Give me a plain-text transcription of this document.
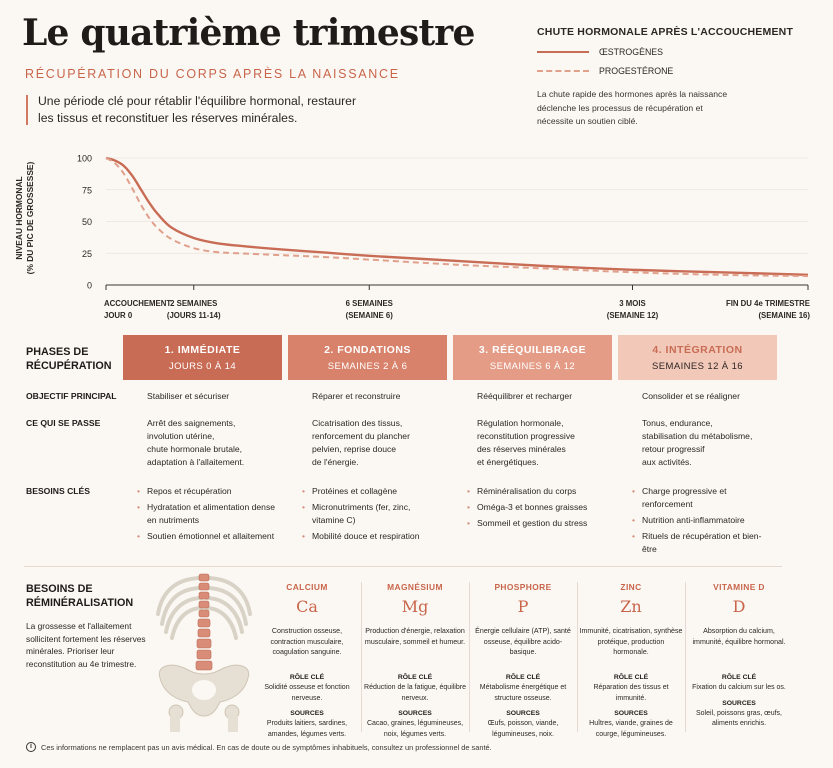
Le quatrième trimestre
RÉCUPÉRATION DU CORPS APRÈS LA NAISSANCE
Une période clé pour rétablir l'équilibre hormonal, restaurer les tissus et reconstituer les réserves minérales.
CHUTE HORMONALE APRÈS L'ACCOUCHEMENT
ŒSTROGÈNES
PROGESTÉRONE
La chute rapide des hormones après la naissance déclenche les processus de récupération et nécessite un soutien ciblé.
NIVEAU HORMONAL (% DU PIC DE GROSSESSE)
100
75
50
25
0
ACCOUCHEMENT
JOUR 0
2 SEMAINES
(JOURS 11-14)
6 SEMAINES
(SEMAINE 6)
3 MOIS
(SEMAINE 12)
FIN DU 4e TRIMESTRE
(SEMAINE 16)
PHASES DE
RÉCUPÉRATION
1. IMMÉDIATE
JOURS 0 À 14
2. FONDATIONS
SEMAINES 2 À 6
3. RÉÉQUILIBRAGE
SEMAINES 6 À 12
4. INTÉGRATION
SEMAINES 12 À 16
OBJECTIF PRINCIPAL
CE QUI SE PASSE
BESOINS CLÉS
Stabiliser et sécuriser
Arrêt des saignements,
involution utérine,
chute hormonale brutale,
adaptation à l'allaitement.
• Repos et récupération
• Hydratation et alimentation dense en nutriments
• Soutien émotionnel et allaitement
Réparer et reconstruire
Cicatrisation des tissus,
renforcement du plancher
pelvien, reprise douce
de l'énergie.
• Protéines et collagène
• Micronutriments (fer, zinc, vitamine C)
• Mobilité douce et respiration
Rééquilibrer et recharger
Régulation hormonale,
reconstitution progressive
des réserves minérales
et énergétiques.
• Réminéralisation du corps
• Oméga-3 et bonnes graisses
• Sommeil et gestion du stress
Consolider et se réaligner
Tonus, endurance,
stabilisation du métabolisme,
retour progressif
aux activités.
• Charge progressive et renforcement
• Nutrition anti-inflammatoire
• Rituels de récupération et bien-être
BESOINS DE
RÉMINÉRALISATION
La grossesse et l'allaitement sollicitent fortement les réserves minérales. Prioriser leur reconstitution au 4e trimestre.
CALCIUM
Ca
Construction osseuse, contraction musculaire, coagulation sanguine.
RÔLE CLÉ
Solidité osseuse et fonction nerveuse.
SOURCES
Produits laitiers, sardines, amandes, légumes verts.
MAGNÉSIUM
Mg
Production d'énergie, relaxation musculaire, sommeil et humeur.
RÔLE CLÉ
Réduction de la fatigue, équilibre nerveux.
SOURCES
Cacao, graines, légumineuses, noix, légumes verts.
PHOSPHORE
P
Énergie cellulaire (ATP), santé osseuse, équilibre acido-basique.
RÔLE CLÉ
Métabolisme énergétique et structure osseuse.
SOURCES
Œufs, poisson, viande, légumineuses, noix.
ZINC
Zn
Immunité, cicatrisation, synthèse protéique, production hormonale.
RÔLE CLÉ
Réparation des tissus et immunité.
SOURCES
Huîtres, viande, graines de courge, légumineuses.
VITAMINE D
D
Absorption du calcium, immunité, équilibre hormonal.
RÔLE CLÉ
Fixation du calcium sur les os.
SOURCES
Soleil, poissons gras, œufs, aliments enrichis.
i	Ces informations ne remplacent pas un avis médical. En cas de doute ou de symptômes inhabituels, consultez un professionnel de santé.
